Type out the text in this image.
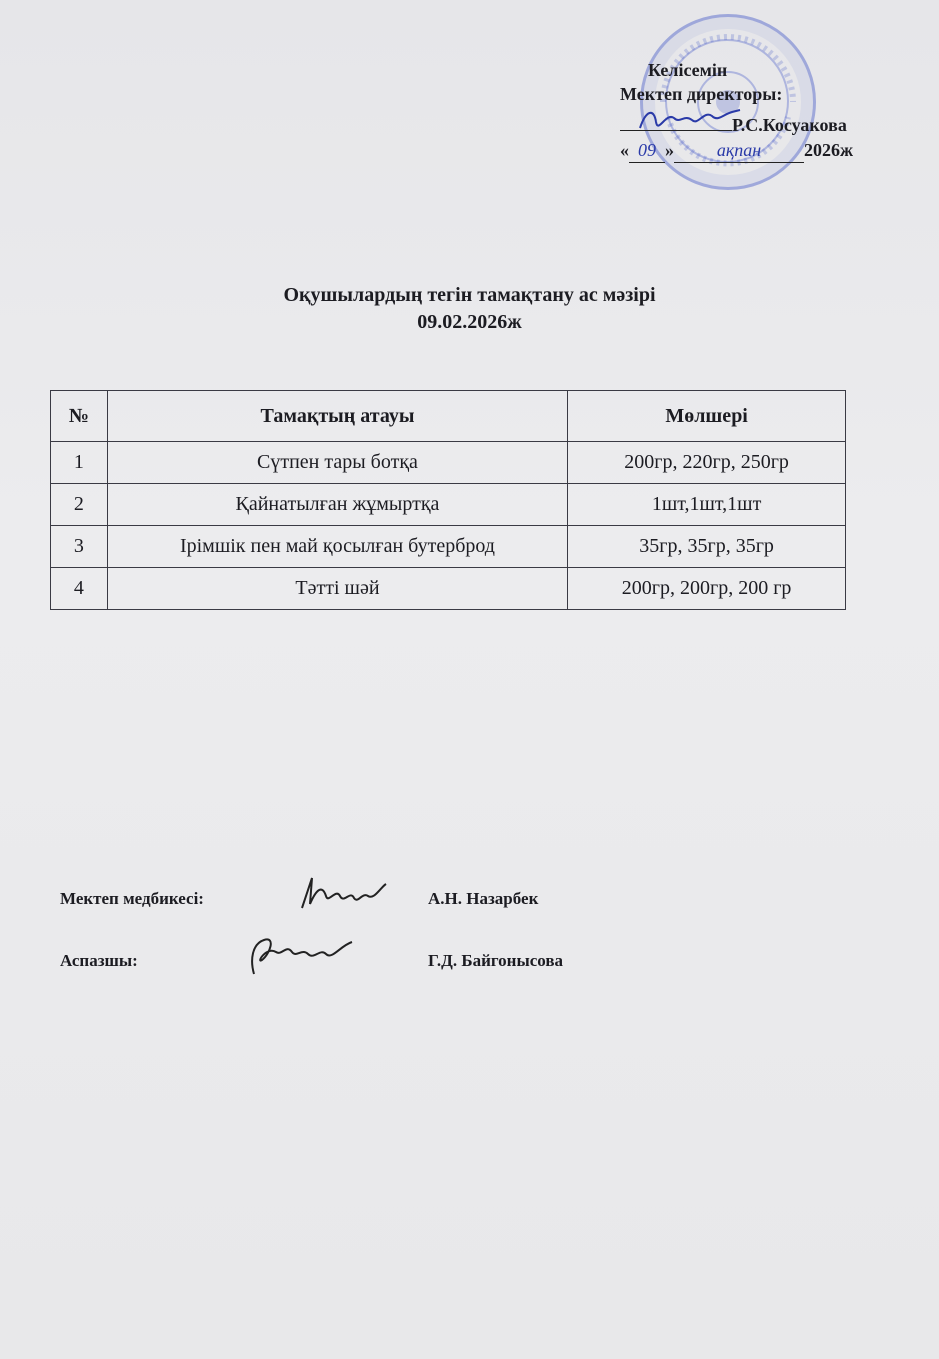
Келісемін
Мектеп директоры:
Р.С.Косуакова
« 09 » ақпан 2026ж
Оқушылардың тегін тамақтану ас мәзірі
09.02.2026ж
№	Тамақтың атауы	Мөлшері
1	Сүтпен тары ботқа	200гр, 220гр, 250гр
2	Қайнатылған жұмыртқа	1шт,1шт,1шт
3	Ірімшік пен май қосылған бутерброд	35гр, 35гр, 35гр
4	Тәтті шәй	200гр, 200гр, 200 гр
Мектеп медбикесі:	А.Н. Назарбек
Аспазшы:	Г.Д. Байгонысова
